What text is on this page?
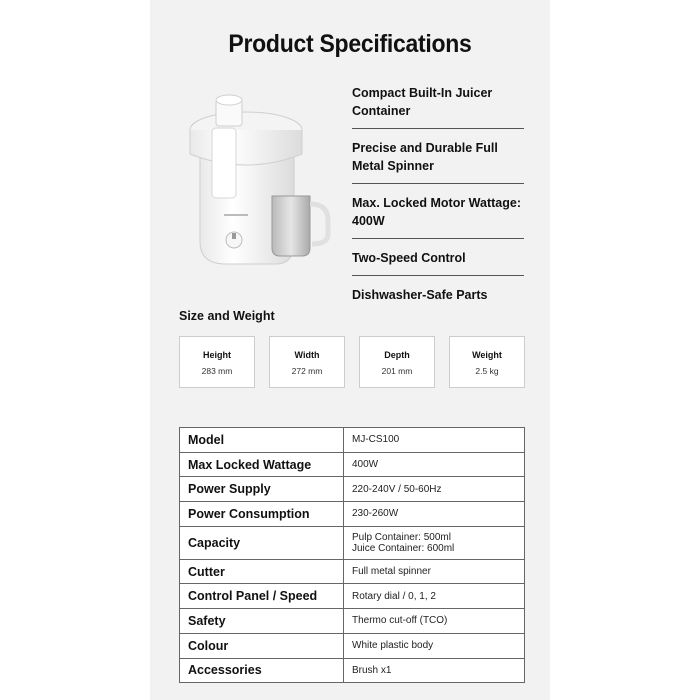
Product Specifications
Compact Built-In Juicer Container
Precise and Durable Full Metal Spinner
Max. Locked Motor Wattage: 400W
Two-Speed Control
Dishwasher-Safe Parts
Size and Weight
Height
283 mm
Width
272 mm
Depth
201 mm
Weight
2.5 kg
Model	MJ-CS100
Max Locked Wattage	400W
Power Supply	220-240V / 50-60Hz
Power Consumption	230-260W
Capacity	Pulp Container: 500ml
Juice Container: 600ml

Cutter	Full metal spinner
Control Panel / Speed	Rotary dial / 0, 1, 2
Safety	Thermo cut-off (TCO)
Colour	White plastic body
Accessories	Brush x1
